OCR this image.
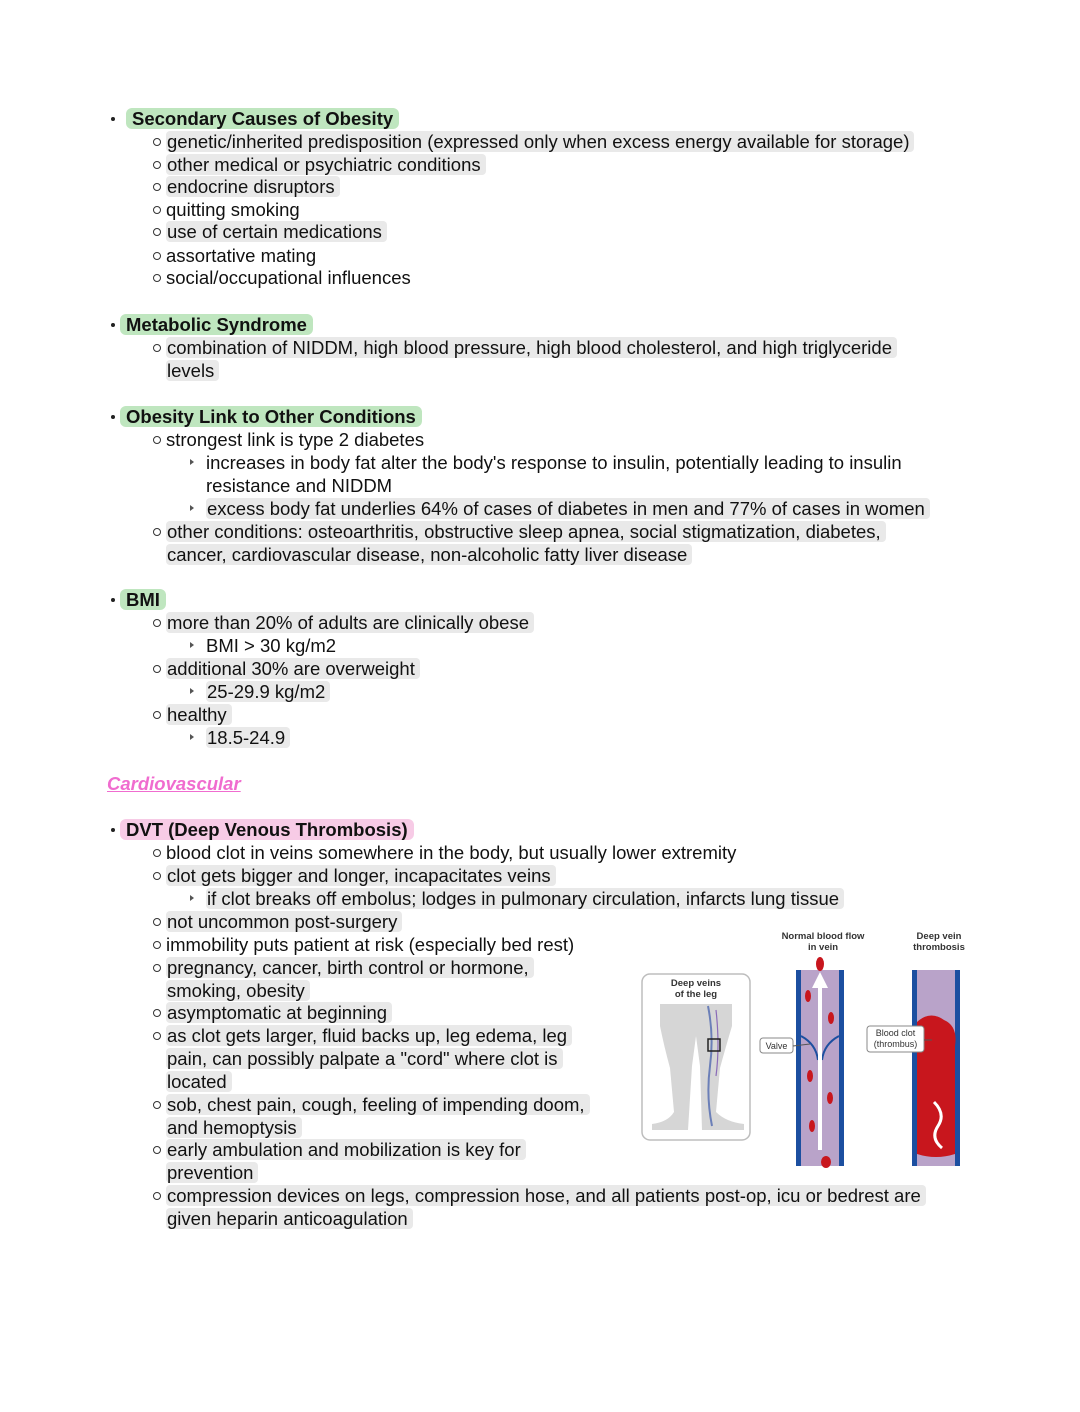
Secondary Causes of Obesity
genetic/inherited predisposition (expressed only when excess energy available for storage)
other medical or psychiatric conditions
endocrine disruptors
quitting smoking
use of certain medications
assortative mating
social/occupational influences
Metabolic Syndrome
combination of NIDDM, high blood pressure, high blood cholesterol, and high triglyceride
levels
Obesity Link to Other Conditions
strongest link is type 2 diabetes
increases in body fat alter the body's response to insulin, potentially leading to insulin
resistance and NIDDM
excess body fat underlies 64% of cases of diabetes in men and 77% of cases in women
other conditions: osteoarthritis, obstructive sleep apnea, social stigmatization, diabetes,
cancer, cardiovascular disease, non-alcoholic fatty liver disease
BMI
more than 20% of adults are clinically obese
BMI > 30 kg/m2
additional 30% are overweight
25-29.9 kg/m2
healthy
18.5-24.9
Cardiovascular
DVT (Deep Venous Thrombosis)
blood clot in veins somewhere in the body, but usually lower extremity
clot gets bigger and longer, incapacitates veins
if clot breaks off embolus; lodges in pulmonary circulation, infarcts lung tissue
not uncommon post-surgery
immobility puts patient at risk (especially bed rest)
pregnancy, cancer, birth control or hormone,
smoking, obesity
asymptomatic at beginning
as clot gets larger, fluid backs up, leg edema, leg
pain, can possibly palpate a "cord" where clot is
located
sob, chest pain, cough, feeling of impending doom,
and hemoptysis
early ambulation and mobilization is key for
prevention
compression devices on legs, compression hose, and all patients post-op, icu or bedrest are
given heparin anticoagulation
Deep veins
of the leg
Normal blood flow
in vein
Valve
Deep vein
thrombosis
Blood clot
(thrombus)
